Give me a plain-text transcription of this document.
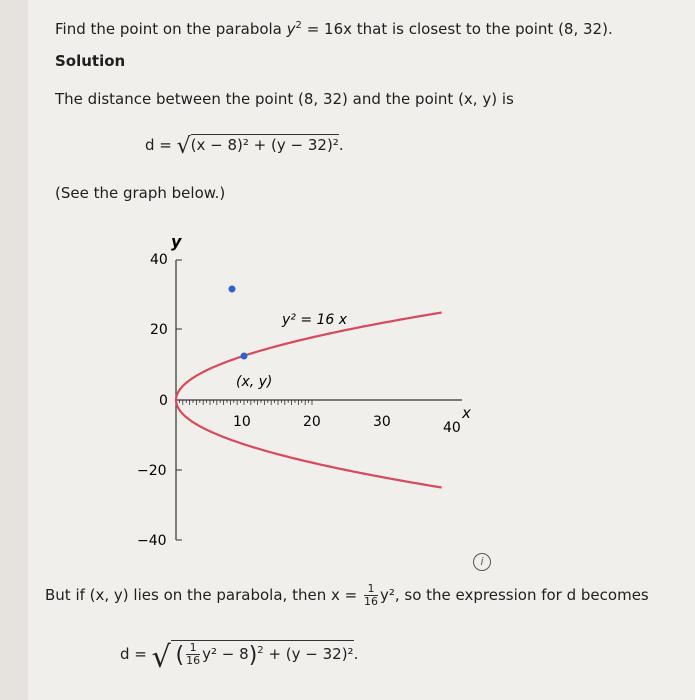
Find the point on the parabola $y^2 = 16x$ that is closest to the point (8, 32).
Solution
The distance between the point (8, 32) and the point (x, y) is
d = √(x − 8)² + (y − 32)².
(See the graph below.)
y
x
40
20
0
−20
−40
10	20	30	40
y² = 16 x
(x, y)
i
But if (x, y) lies on the parabola, then $x = \frac{1}{16} y^2$, so the expression for d becomes
d = √ ( $\frac{1}{16} y^2 - 8)^2 + (y - 32)^2$.
